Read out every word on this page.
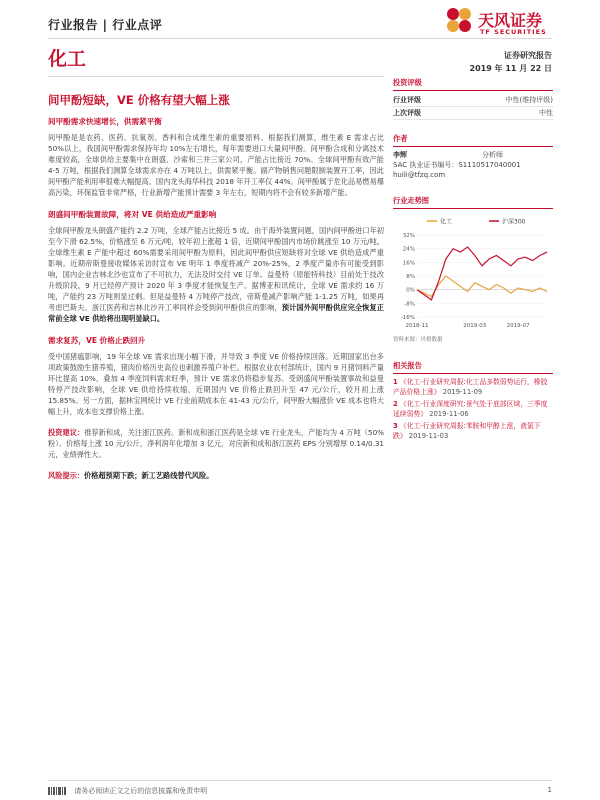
行业报告 | 行业点评	天风证券
TF SECURITIES
化工	证券研究报告
2019 年 11 月 22 日
间甲酚短缺，VE 价格有望大幅上涨
间甲酚需求快速增长，供需紧平衡
间甲酚是是农药、医药、抗氧剂、香料和合成维生素的重要原料。根据我们测算，维生素 E 需求占比 50%以上，我国间甲酚需求保持年均 10%左右增长，每年需要进口大量间甲酚。间甲酚合成和分离技术难度较高，全球供给主要集中在朗盛、沙索和三井三家公司，产能占比接近 70%。全球间甲酚有效产能 4-5 万吨，根据我们测算全球需求亦在 4 万吨以上，供需紧平衡。副产物销售问题限制装置开工率，因此间甲酚产能利用率很难大幅提高。国内龙头海华科技 2018 年开工率仅 44%。间甲酚属于危化品易燃易爆高污染，环保监管非常严格，行业新增产能预计需要 3 年左右，短期内将不会有较多新增产能。
朗盛间甲酚装置故障，将对 VE 供给造成严重影响
全球间甲酚龙头朗盛产能约 2.2 万吨，全球产能占比接近 5 成。由于海外装置问题，国内间甲酚进口年初至今下滑 62.5%，价格涨至 6 万元/吨，较年初上涨超 1 倍，近期间甲酚国内市场价跳涨至 10 万元/吨。全球维生素 E 产能中超过 60%需要采用间甲酚为原料，因此间甲酚供应短缺将对全球 VE 供给造成严重影响。近期帝斯曼接收媒体采访时宣布 VE 明年 1 季度将减产 20%-25%，2 季度产量亦有可能受到影响，国内企业吉林北沙也宣布了不可抗力，无法及时交付 VE 订单。益曼特（原能特科技）目前处于技改升级阶段，9 月已经停产预计 2020 年 3 季度才能恢复生产。据博亚和讯统计，全球 VE 需求约 16 万吨，产能约 23 万吨则显过剩。但是益曼特 4 万吨停产技改，帝斯曼减产影响产能 1-1.25 万吨，如果再考虑巴斯夫、浙江医药和吉林北沙开工率同样会受到间甲酚供应的影响，预计国外间甲酚供应完全恢复正常前全球 VE 供给将出现明显缺口。
需求复苏，VE 价格止跌回升
受中国猪瘟影响，19 年全球 VE 需求出现小幅下滑，并导致 3 季度 VE 价格持续回落。近期国家出台多项政策鼓励生猪养殖，猪肉价格历史高位也刺激养殖户补栏。根据农业农村部统计，国内 9 月猪饲料产量环比提高 10%，叠加 4 季度饲料需求旺季，预计 VE 需求仍将稳步复苏。受朗盛间甲酚装置事故和益曼特停产技改影响，全球 VE 供给持续收缩，近期国内 VE 价格止跌回升至 47 元/公斤，较月初上涨 15.85%。另一方面，据林宝网统计 VE 行业前期成本在 41-43 元/公斤，间甲酚大幅涨价 VE 成本也将大幅上升，成本也支撑价格上涨。
投资建议：推荐新和成，关注浙江医药。新和成和浙江医药是全球 VE 行业龙头，产能均为 4 万吨（50%粉）。价格每上涨 10 元/公斤，净利润年化增加 3 亿元，对应新和成和浙江医药 EPS 分别增厚 0.14/0.31 元，业绩弹性大。
风险提示：价格超预期下跌；新工艺路线替代风险。
投资评级
行业评级	中性(维持评级)
上次评级	中性
作者
李辉	分析师
SAC 执业证书编号：S1110517040001
huili@tfzq.com
行业走势图
化工	沪深300
32%
24%
16%
8%
0%
-8%
-16%
2018-11	2019-03	2019-07
资料来源：贝格数据
相关报告
1 《化工-行业研究周报:化工品多数弱势运行，橡胶产品价格上涨》 2019-11-09
2 《化工-行业深度研究:景气处于底部区域，三季度延续弱势》 2019-11-06
3 《化工-行业研究周报:苯胺和甲醇上涨，液氯下跌》 2019-11-03
请务必阅读正文之后的信息披露和免责申明	1
